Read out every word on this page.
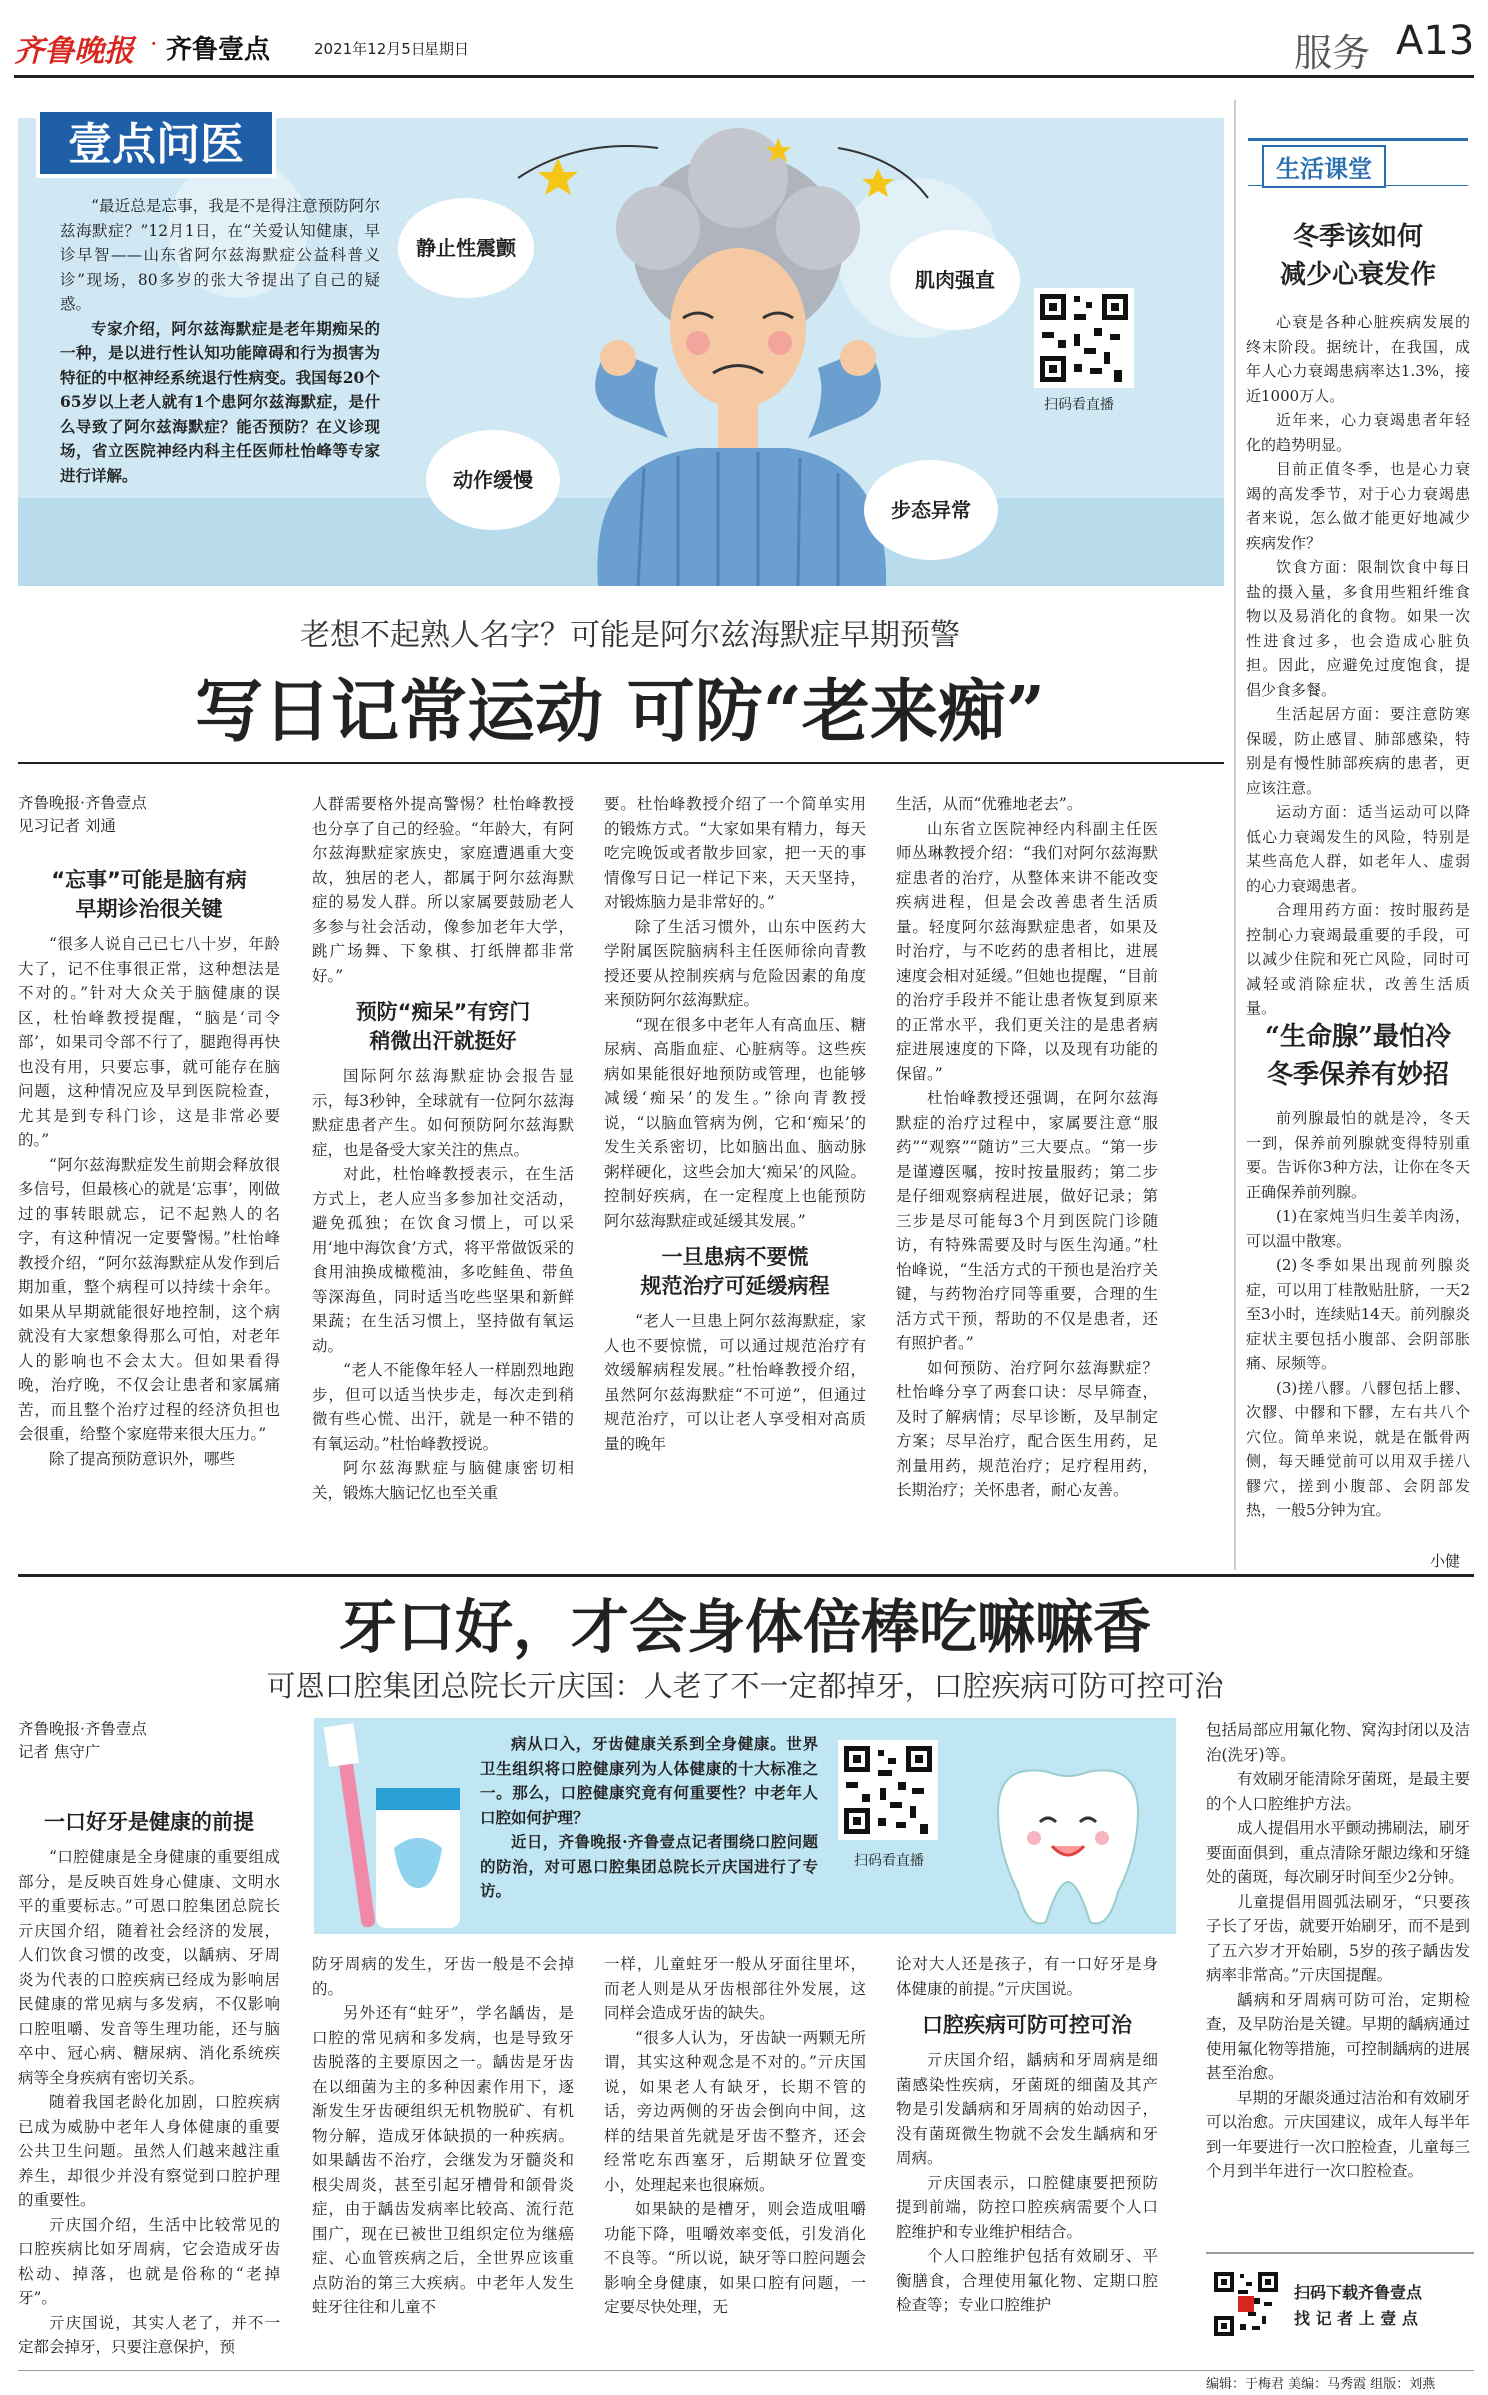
齐鲁晚报 · 齐鲁壹点	2021年12月5日
星期日	服务 A13
壹点问医

“最近总是忘事，我是不是得注意预防阿尔兹海默症？”12月1日，在“关爱认知健康，早诊早智——山东省阿尔兹海默症公益科普义诊”现场，80多岁的张大爷提出了自己的疑惑。

专家介绍，阿尔兹海默症是老年期痴呆的一种，是以进行性认知功能障碍和行为损害为特征的中枢神经系统退行性病变。我国每20个65岁以上老人就有1个患阿尔兹海默症，是什么导致了阿尔兹海默症？能否预防？在义诊现场，省立医院神经内科主任医师杜怡峰等专家进行详解。

静止性震颤
肌肉强直
动作缓慢
步态异常
扫码看直播
老想不起熟人名字？可能是阿尔兹海默症早期预警
写日记常运动 可防“老来痴”
齐鲁晚报·齐鲁壹点
见习记者 刘通
“忘事”可能是脑有病
早期诊治很关键

“很多人说自己已七八十岁，年龄大了，记不住事很正常，这种想法是不对的。”针对大众关于脑健康的误区，杜怡峰教授提醒，“脑是‘司令部’，如果司令部不行了，腿跑得再快也没有用，只要忘事，就可能存在脑问题，这种情况应及早到医院检查，尤其是到专科门诊，这是非常必要的。”

“阿尔兹海默症发生前期会释放很多信号，但最核心的就是‘忘事’，刚做过的事转眼就忘，记不起熟人的名字，有这种情况一定要警惕。”杜怡峰教授介绍，“阿尔兹海默症从发作到后期加重，整个病程可以持续十余年。如果从早期就能很好地控制，这个病就没有大家想象得那么可怕，对老年人的影响也不会太大。但如果看得晚，治疗晚，不仅会让患者和家属痛苦，而且整个治疗过程的经济负担也会很重，给整个家庭带来很大压力。”

除了提高预防意识外，哪些

人群需要格外提高警惕？杜怡峰教授也分享了自己的经验。“年龄大，有阿尔兹海默症家族史，家庭遭遇重大变故，独居的老人，都属于阿尔兹海默症的易发人群。所以家属要鼓励老人多参与社会活动，像参加老年大学，跳广场舞、下象棋、打纸牌都非常好。”

预防“痴呆”有窍门
稍微出汗就挺好

国际阿尔兹海默症协会报告显示，每3秒钟，全球就有一位阿尔兹海默症患者产生。如何预防阿尔兹海默症，也是备受大家关注的焦点。

对此，杜怡峰教授表示，在生活方式上，老人应当多参加社交活动，避免孤独；在饮食习惯上，可以采用‘地中海饮食’方式，将平常做饭采的食用油换成橄榄油，多吃鲑鱼、带鱼等深海鱼，同时适当吃些坚果和新鲜果蔬；在生活习惯上，坚持做有氧运动。

“老人不能像年轻人一样剧烈地跑步，但可以适当快步走，每次走到稍微有些心慌、出汗，就是一种不错的有氧运动。”杜怡峰教授说。

阿尔兹海默症与脑健康密切相关，锻炼大脑记忆也至关重

要。杜怡峰教授介绍了一个简单实用的锻炼方式。“大家如果有精力，每天吃完晚饭或者散步回家，把一天的事情像写日记一样记下来，天天坚持，对锻炼脑力是非常好的。”

除了生活习惯外，山东中医药大学附属医院脑病科主任医师徐向青教授还要从控制疾病与危险因素的角度来预防阿尔兹海默症。

“现在很多中老年人有高血压、糖尿病、高脂血症、心脏病等。这些疾病如果能很好地预防或管理，也能够减缓‘痴呆’的发生。”徐向青教授说，“以脑血管病为例，它和‘痴呆’的发生关系密切，比如脑出血、脑动脉粥样硬化，这些会加大‘痴呆’的风险。控制好疾病，在一定程度上也能预防阿尔兹海默症或延缓其发展。”

一旦患病不要慌
规范治疗可延缓病程

“老人一旦患上阿尔兹海默症，家人也不要惊慌，可以通过规范治疗有效缓解病程发展。”杜怡峰教授介绍，虽然阿尔兹海默症“不可逆”，但通过规范治疗，可以让老人享受相对高质量的晚年

生活，从而“优雅地老去”。

山东省立医院神经内科副主任医师丛琳教授介绍：“我们对阿尔兹海默症患者的治疗，从整体来讲不能改变疾病进程，但是会改善患者生活质量。轻度阿尔兹海默症患者，如果及时治疗，与不吃药的患者相比，进展速度会相对延缓。”但她也提醒，“目前的治疗手段并不能让患者恢复到原来的正常水平，我们更关注的是患者病症进展速度的下降，以及现有功能的保留。”

杜怡峰教授还强调，在阿尔兹海默症的治疗过程中，家属要注意“服药”“观察”“随访”三大要点。“第一步是谨遵医嘱，按时按量服药；第二步是仔细观察病程进展，做好记录；第三步是尽可能每3个月到医院门诊随访，有特殊需要及时与医生沟通。”杜怡峰说，“生活方式的干预也是治疗关键，与药物治疗同等重要，合理的生活方式干预，帮助的不仅是患者，还有照护者。”

如何预防、治疗阿尔兹海默症？杜怡峰分享了两套口诀：尽早筛查，及时了解病情；尽早诊断，及早制定方案；尽早治疗，配合医生用药，足剂量用药，规范治疗；足疗程用药，长期治疗；关怀患者，耐心友善。

生活课堂
冬季该如何
减少心衰发作

心衰是各种心脏疾病发展的终末阶段。据统计，在我国，成年人心力衰竭患病率达1.3%，接近1000万人。

近年来，心力衰竭患者年轻化的趋势明显。

目前正值冬季，也是心力衰竭的高发季节，对于心力衰竭患者来说，怎么做才能更好地减少疾病发作？

饮食方面：限制饮食中每日盐的摄入量，多食用些粗纤维食物以及易消化的食物。如果一次性进食过多，也会造成心脏负担。因此，应避免过度饱食，提倡少食多餐。

生活起居方面：要注意防寒保暖，防止感冒、肺部感染，特别是有慢性肺部疾病的患者，更应该注意。

运动方面：适当运动可以降低心力衰竭发生的风险，特别是某些高危人群，如老年人、虚弱的心力衰竭患者。

合理用药方面：按时服药是控制心力衰竭最重要的手段，可以减少住院和死亡风险，同时可减轻或消除症状，改善生活质量。

“生命腺”最怕冷
冬季保养有妙招

前列腺最怕的就是冷，冬天一到，保养前列腺就变得特别重要。告诉你3种方法，让你在冬天正确保养前列腺。

(1)在家炖当归生姜羊肉汤，可以温中散寒。

(2)冬季如果出现前列腺炎症，可以用丁桂散贴肚脐，一天2至3小时，连续贴14天。前列腺炎症状主要包括小腹部、会阴部胀痛、尿频等。

(3)搓八髎。八髎包括上髎、次髎、中髎和下髎，左右共八个穴位。简单来说，就是在骶骨两侧，每天睡觉前可以用双手搓八髎穴，搓到小腹部、会阴部发热，一般5分钟为宜。

小健
牙口好，才会身体倍棒吃嘛嘛香
可恩口腔集团总院长亓庆国：人老了不一定都掉牙，口腔疾病可防可控可治
齐鲁晚报·齐鲁壹点
记者 焦守广	病从口入，牙齿健康关系到全身健康。世界卫生组织将口腔健康列为人体健康的十大标准之一。那么，口腔健康究竟有何重要性？中老年人口腔如何护理？

近日，齐鲁晚报·齐鲁壹点记者围绕口腔问题的防治，对可恩口腔集团总院长亓庆国进行了专访。

扫码看直播
一口好牙是健康的前提

“口腔健康是全身健康的重要组成部分，是反映百姓身心健康、文明水平的重要标志。”可恩口腔集团总院长亓庆国介绍，随着社会经济的发展，人们饮食习惯的改变，以龋病、牙周炎为代表的口腔疾病已经成为影响居民健康的常见病与多发病，不仅影响口腔咀嚼、发音等生理功能，还与脑卒中、冠心病、糖尿病、消化系统疾病等全身疾病有密切关系。

随着我国老龄化加剧，口腔疾病已成为威胁中老年人身体健康的重要公共卫生问题。虽然人们越来越注重养生，却很少并没有察觉到口腔护理的重要性。

亓庆国介绍，生活中比较常见的口腔疾病比如牙周病，它会造成牙齿松动、掉落，也就是俗称的“老掉牙”。

亓庆国说，其实人老了，并不一定都会掉牙，只要注意保护，预

防牙周病的发生，牙齿一般是不会掉的。

另外还有“蛀牙”，学名龋齿，是口腔的常见病和多发病，也是导致牙齿脱落的主要原因之一。龋齿是牙齿在以细菌为主的多种因素作用下，逐渐发生牙齿硬组织无机物脱矿、有机物分解，造成牙体缺损的一种疾病。如果龋齿不治疗，会继发为牙髓炎和根尖周炎，甚至引起牙槽骨和颌骨炎症，由于龋齿发病率比较高、流行范围广，现在已被世卫组织定位为继癌症、心血管疾病之后，全世界应该重点防治的第三大疾病。中老年人发生蛀牙往往和儿童不

一样，儿童蛀牙一般从牙面往里坏，而老人则是从牙齿根部往外发展，这同样会造成牙齿的缺失。

“很多人认为，牙齿缺一两颗无所谓，其实这种观念是不对的。”亓庆国说，如果老人有缺牙，长期不管的话，旁边两侧的牙齿会倒向中间，这样的结果首先就是牙齿不整齐，还会经常吃东西塞牙，后期缺牙位置变小，处理起来也很麻烦。

如果缺的是槽牙，则会造成咀嚼功能下降，咀嚼效率变低，引发消化不良等。“所以说，缺牙等口腔问题会影响全身健康，如果口腔有问题，一定要尽快处理，无

论对大人还是孩子，有一口好牙是身体健康的前提。”亓庆国说。

口腔疾病可防可控可治

亓庆国介绍，龋病和牙周病是细菌感染性疾病，牙菌斑的细菌及其产物是引发龋病和牙周病的始动因子，没有菌斑微生物就不会发生龋病和牙周病。

亓庆国表示，口腔健康要把预防提到前端，防控口腔疾病需要个人口腔维护和专业维护相结合。

个人口腔维护包括有效刷牙、平衡膳食，合理使用氟化物、定期口腔检查等；专业口腔维护

包括局部应用氟化物、窝沟封闭以及洁治(洗牙)等。

有效刷牙能清除牙菌斑，是最主要的个人口腔维护方法。

成人提倡用水平颤动拂刷法，刷牙要面面俱到，重点清除牙龈边缘和牙缝处的菌斑，每次刷牙时间至少2分钟。

儿童提倡用圆弧法刷牙，“只要孩子长了牙齿，就要开始刷牙，而不是到了五六岁才开始刷，5岁的孩子龋齿发病率非常高。”亓庆国提醒。

龋病和牙周病可防可治，定期检查，及早防治是关键。早期的龋病通过使用氟化物等措施，可控制龋病的进展甚至治愈。

早期的牙龈炎通过洁治和有效刷牙可以治愈。亓庆国建议，成年人每半年到一年要进行一次口腔检查，儿童每三个月到半年进行一次口腔检查。

扫码下载齐鲁壹点
找 记 者 上 壹 点
编辑：于梅君 美编：马秀霞 组版：刘燕
